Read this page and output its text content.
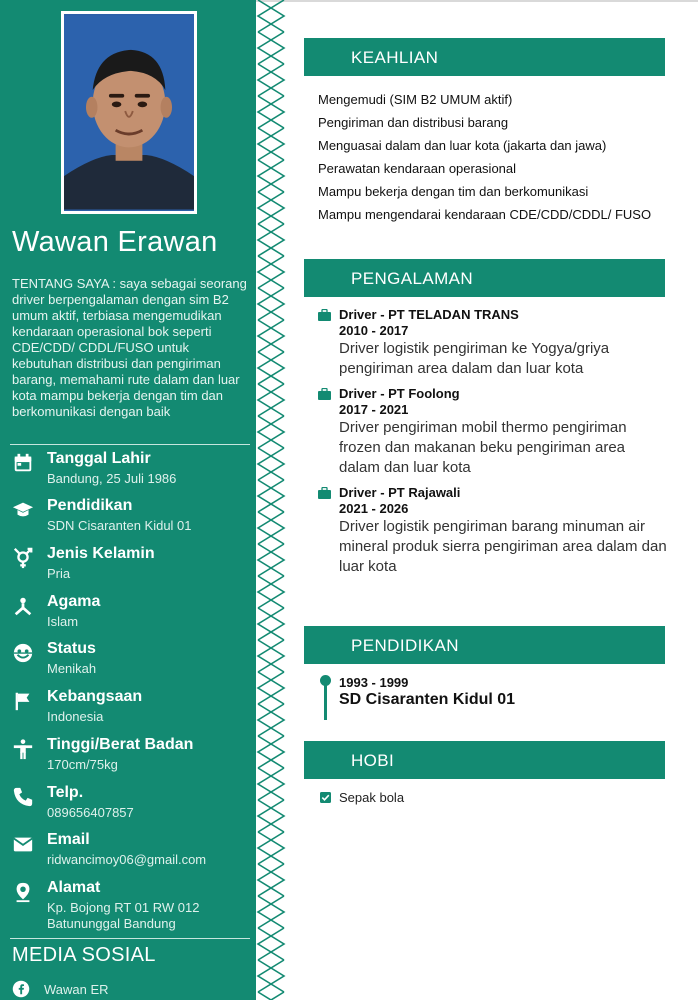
Wawan Erawan
TENTANG SAYA : saya sebagai seorang driver berpengalaman dengan sim B2 umum aktif, terbiasa mengemudikan kendaraan operasional bok seperti CDE/CDD/ CDDL/FUSO untuk kebutuhan distribusi dan pengiriman barang, memahami rute dalam dan luar kota mampu bekerja dengan tim dan berkomunikasi dengan baik
Tanggal Lahir
Bandung, 25 Juli 1986
Pendidikan
SDN Cisaranten Kidul 01
Jenis Kelamin
Pria
Agama
Islam
Status
Menikah
Kebangsaan
Indonesia
Tinggi/Berat Badan
170cm/75kg
Telp.
089656407857
Email
ridwancimoy06@gmail.com
Alamat
Kp. Bojong RT 01 RW 012 Batununggal Bandung
MEDIA SOSIAL
Wawan ER
KEAHLIAN
Mengemudi (SIM B2 UMUM aktif)
Pengiriman dan distribusi barang
Menguasai dalam dan luar kota (jakarta dan jawa)
Perawatan kendaraan operasional
Mampu bekerja dengan tim dan berkomunikasi
Mampu mengendarai kendaraan CDE/CDD/CDDL/ FUSO
PENGALAMAN
Driver - PT TELADAN TRANS
2010 - 2017
Driver logistik pengiriman ke Yogya/griya pengiriman area dalam dan luar kota
Driver - PT Foolong
2017 - 2021
Driver pengiriman mobil thermo pengiriman frozen dan makanan beku pengiriman area dalam dan luar kota
Driver - PT Rajawali
2021 - 2026
Driver logistik pengiriman barang minuman air mineral produk sierra pengiriman area dalam dan luar kota
PENDIDIKAN
1993 - 1999
SD Cisaranten Kidul 01
HOBI
Sepak bola
